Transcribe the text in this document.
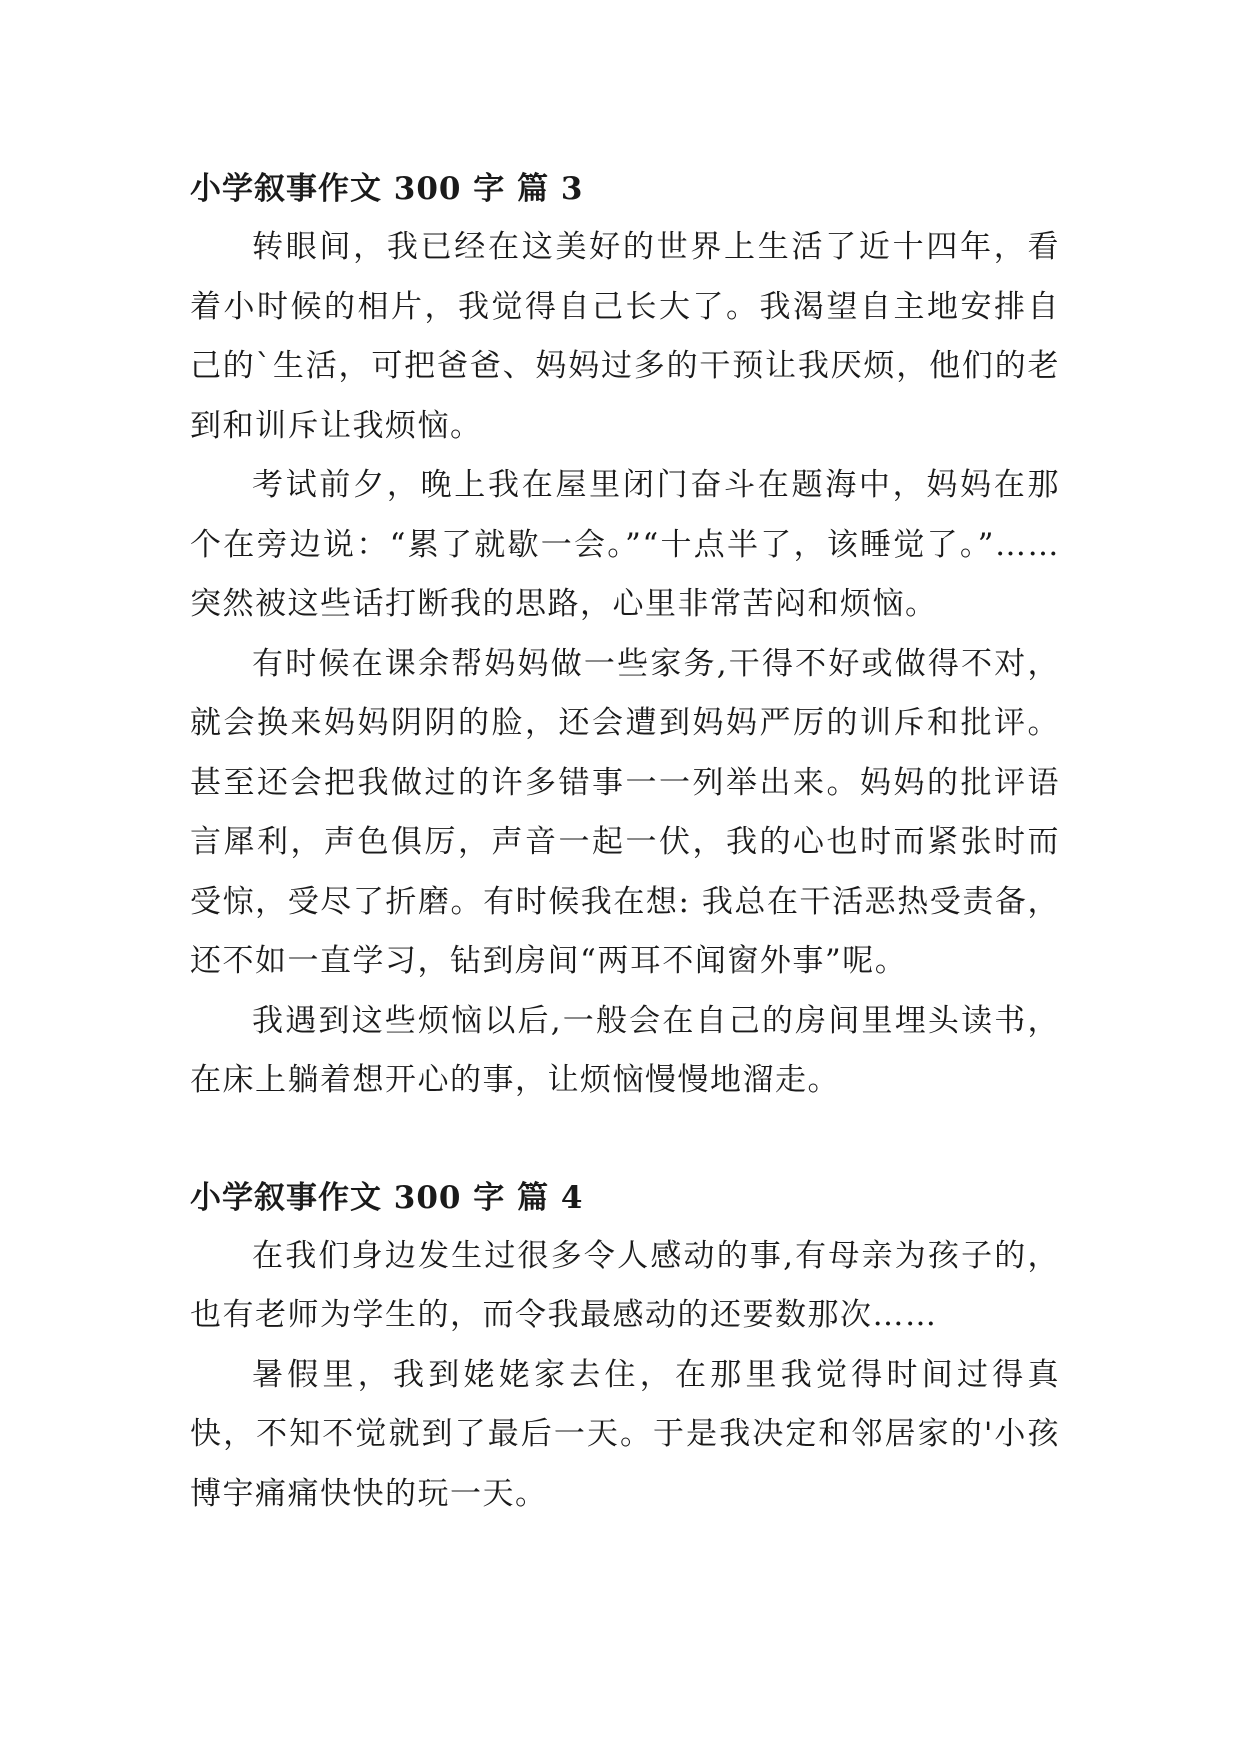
小学叙事作文 300 字 篇 3

转眼间，我已经在这美好的世界上生活了近十四年，看着小时候的相片，我觉得自己长大了。我渴望自主地安排自己的`生活，可把爸爸、妈妈过多的干预让我厌烦，他们的老到和训斥让我烦恼。

考试前夕，晚上我在屋里闭门奋斗在题海中，妈妈在那个在旁边说：“累了就歇一会。”“十点半了，该睡觉了。”……突然被这些话打断我的思路，心里非常苦闷和烦恼。

有时候在课余帮妈妈做一些家务,干得不好或做得不对，就会换来妈妈阴阴的脸，还会遭到妈妈严厉的训斥和批评。甚至还会把我做过的许多错事一一列举出来。妈妈的批评语言犀利，声色俱厉，声音一起一伏，我的心也时而紧张时而受惊，受尽了折磨。有时候我在想: 我总在干活恶热受责备，还不如一直学习，钻到房间“两耳不闻窗外事”呢。

我遇到这些烦恼以后,一般会在自己的房间里埋头读书，在床上躺着想开心的事，让烦恼慢慢地溜走。

小学叙事作文 300 字 篇 4

在我们身边发生过很多令人感动的事,有母亲为孩子的，也有老师为学生的，而令我最感动的还要数那次……

暑假里，我到姥姥家去住，在那里我觉得时间过得真快，不知不觉就到了最后一天。于是我决定和邻居家的'小孩博宇痛痛快快的玩一天。
